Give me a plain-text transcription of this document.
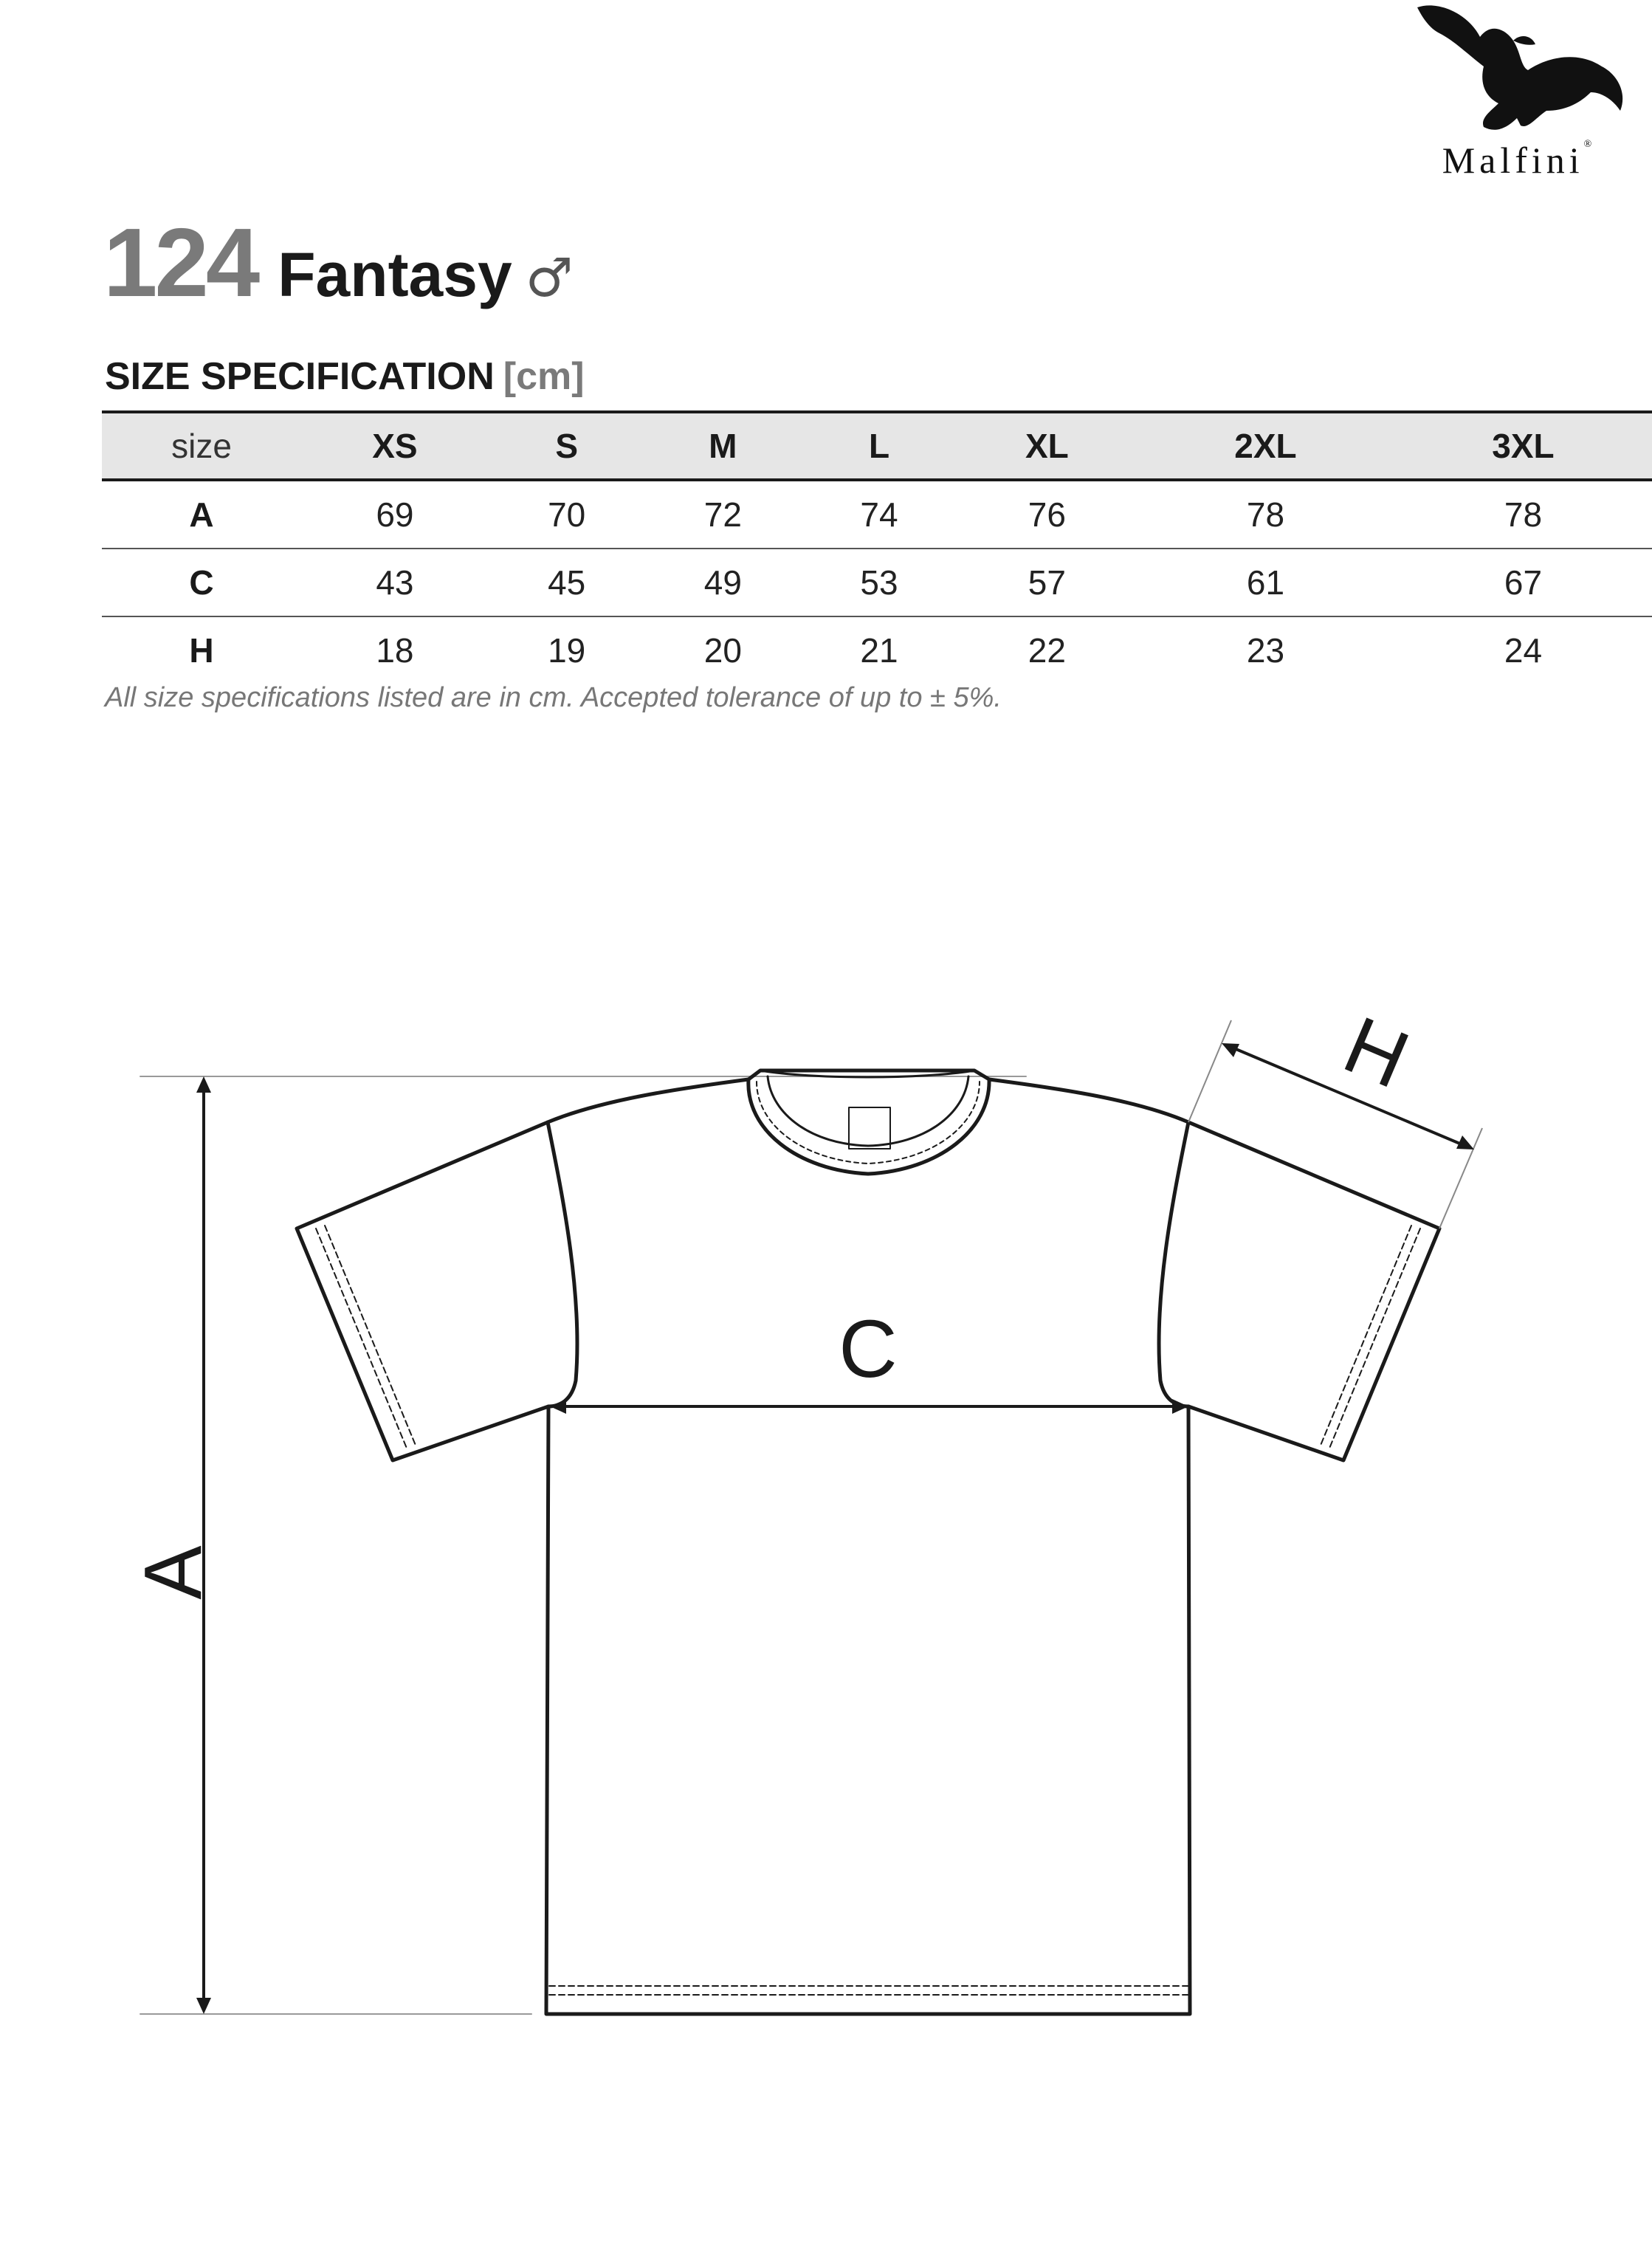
Malfini®
124 Fantasy ♂
SIZE SPECIFICATION [cm]
size	XS	S	M	L	XL	2XL	3XL
A	69	70	72	74	76	78	78
C	43	45	49	53	57	61	67
H	18	19	20	21	22	23	24
All size specifications listed are in cm. Accepted tolerance of up to ± 5%.
A
C
H
